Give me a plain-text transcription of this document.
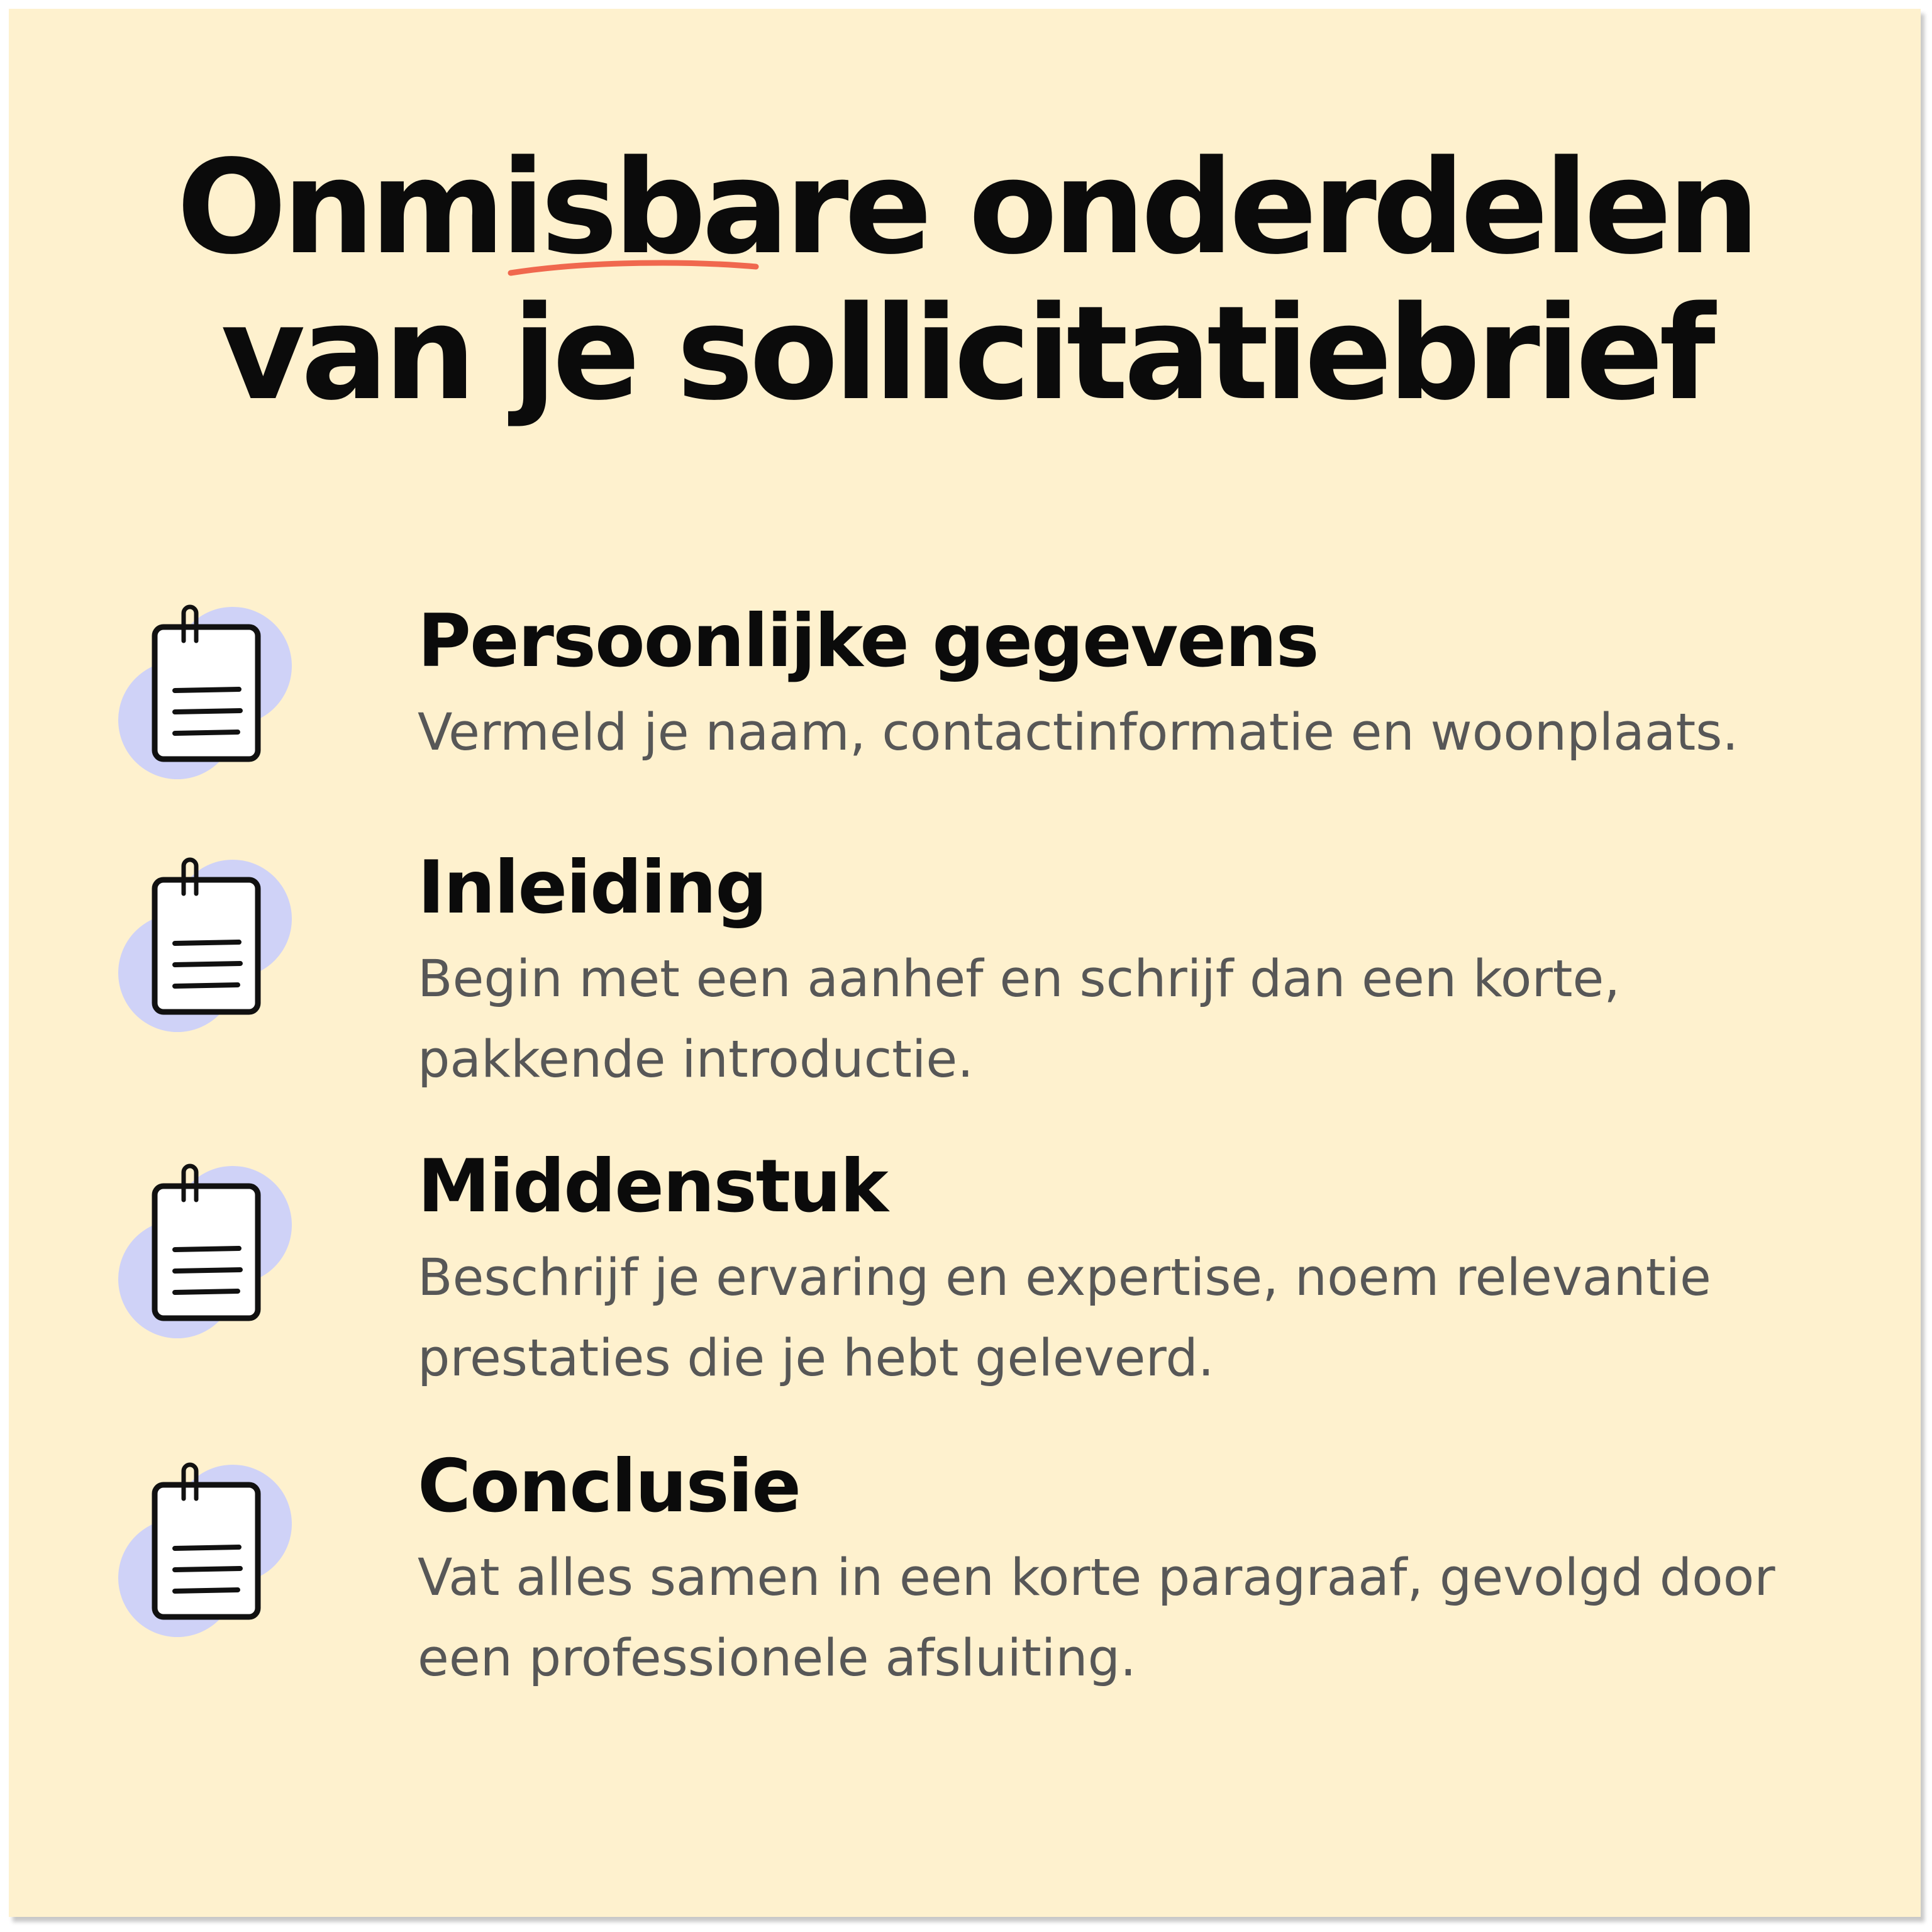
Onmisbare onderdelen
van je sollicitatiebrief
Persoonlijke gegevens
Vermeld je naam, contactinformatie en woonplaats.
Inleiding
Begin met een aanhef en schrijf dan een korte,
pakkende introductie.
Middenstuk
Beschrijf je ervaring en expertise, noem relevantie
prestaties die je hebt geleverd.
Conclusie
Vat alles samen in een korte paragraaf, gevolgd door
een professionele afsluiting.
